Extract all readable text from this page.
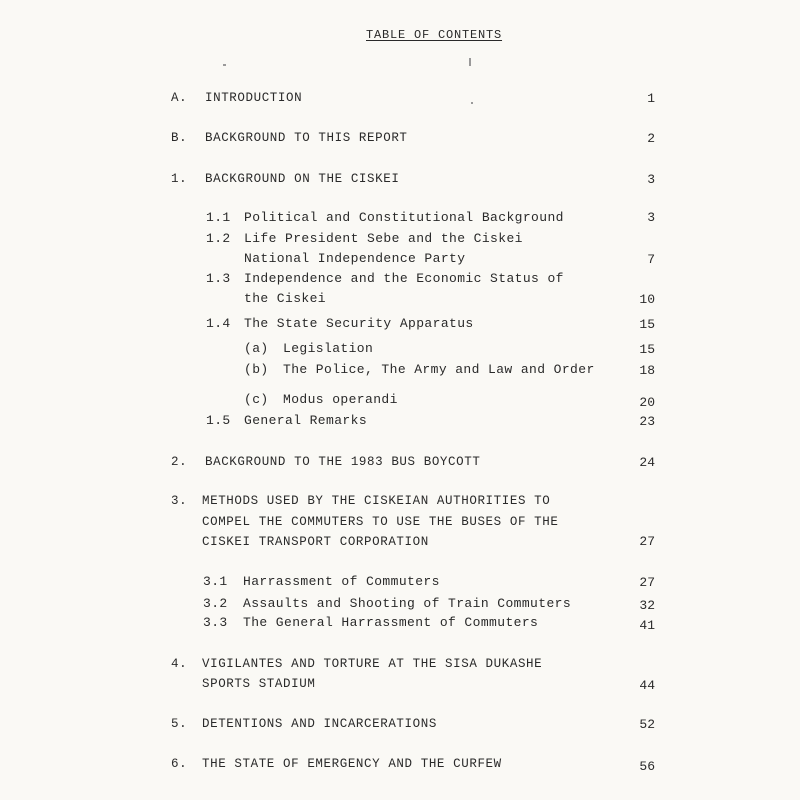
TABLE OF CONTENTS
A. INTRODUCTION	1
B. BACKGROUND TO THIS REPORT	2
1. BACKGROUND ON THE CISKEI	3
1.1 Political and Constitutional Background	3
1.2 Life President Sebe and the Ciskei
National Independence Party	7
1.3 Independence and the Economic Status of
the Ciskei	10
1.4 The State Security Apparatus	15
(a) Legislation	15
(b) The Police, The Army and Law and Order	18
(c) Modus operandi	20
1.5 General Remarks	23
2. BACKGROUND TO THE 1983 BUS BOYCOTT	24
3. METHODS USED BY THE CISKEIAN AUTHORITIES TO
COMPEL THE COMMUTERS TO USE THE BUSES OF THE
CISKEI TRANSPORT CORPORATION	27
3.1 Harrassment of Commuters	27
3.2 Assaults and Shooting of Train Commuters	32
3.3 The General Harrassment of Commuters	41
4. VIGILANTES AND TORTURE AT THE SISA DUKASHE
SPORTS STADIUM	44
5. DETENTIONS AND INCARCERATIONS	52
6. THE STATE OF EMERGENCY AND THE CURFEW	56
